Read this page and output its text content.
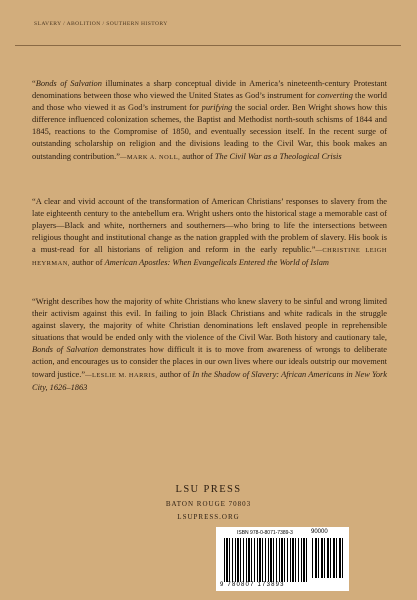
SLAVERY / ABOLITION / SOUTHERN HISTORY
“Bonds of Salvation illuminates a sharp conceptual divide in America’s nineteenth-century Protestant denominations between those who viewed the United States as God’s instrument for converting the world and those who viewed it as God’s instrument for purifying the social order. Ben Wright shows how this difference influenced colonization schemes, the Baptist and Methodist north-south schisms of 1844 and 1845, reactions to the Compromise of 1850, and eventually secession itself. In the recent surge of outstanding scholarship on religion and the divisions leading to the Civil War, this book makes an outstanding contribution.”—MARK A. NOLL, author of The Civil War as a Theological Crisis
“A clear and vivid account of the transformation of American Christians’ responses to slavery from the late eighteenth century to the antebellum era. Wright ushers onto the historical stage a memorable cast of players—Black and white, northerners and southerners—who bring to life the intersections between religious thought and institutional change as the nation grappled with the problem of slavery. His book is a must-read for all historians of religion and reform in the early republic.”—CHRISTINE LEIGH HEYRMAN, author of American Apostles: When Evangelicals Entered the World of Islam
“Wright describes how the majority of white Christians who knew slavery to be sinful and wrong limited their activism against this evil. In failing to join Black Christians and white radicals in the struggle against slavery, the majority of white Christian denominations left enslaved people in reprehensible situations that would be ended only with the violence of the Civil War. Both history and cautionary tale, Bonds of Salvation demonstrates how difficult it is to move from awareness of wrongs to deliberate action, and encourages us to consider the places in our own lives where our ideals outstrip our movement toward justice.”—LESLIE M. HARRIS, author of In the Shadow of Slavery: African Americans in New York City, 1626–1863
LSU PRESS
BATON ROUGE 70803
LSUPRESS.ORG
ISBN 978-0-8071-7389-3	90000
9 780807 173893
